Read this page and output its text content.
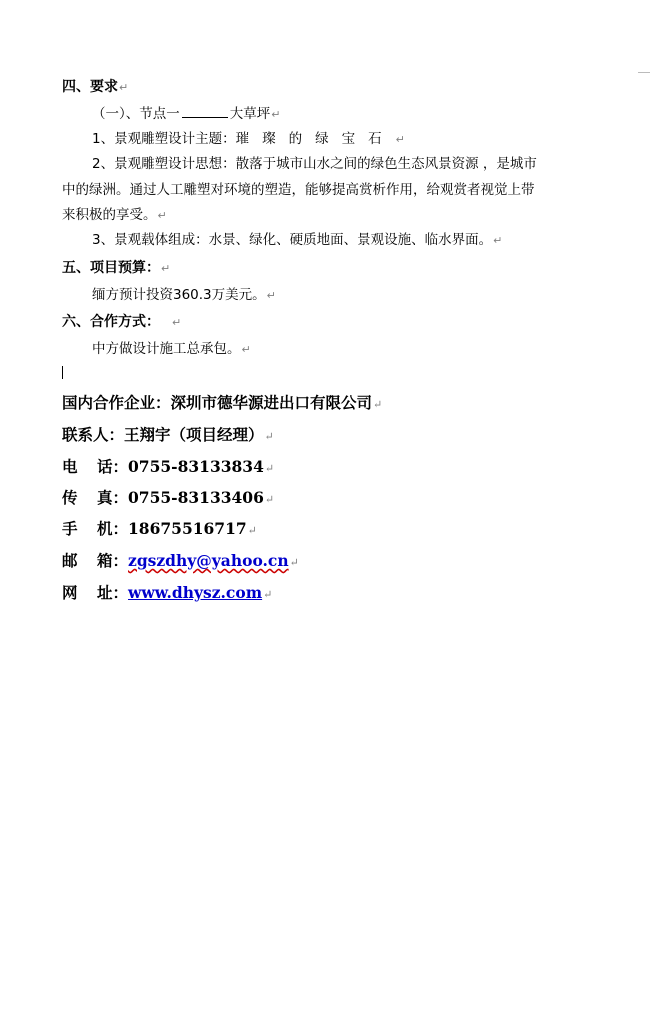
四、要求↵
（一）、节点一	大草坪↵
1、景观雕塑设计主题：璀璨的绿宝石↵
2、景观雕塑设计思想：散落于城市山水之间的绿色生态风景资源 ，是城市
中的绿洲。通过人工雕塑对环境的塑造，能够提高赏析作用，给观赏者视觉上带
来积极的享受。↵
3、景观载体组成：水景、绿化、硬质地面、景观设施、临水界面。↵
五、项目预算：↵
缅方预计投资360.3万美元。↵
六、合作方式： ↵
中方做设计施工总承包。↵
国内合作企业：深圳市德华源进出口有限公司↵
联系人：王翔宇（项目经理）↵
电 话：0755-83133834↵
传 真：0755-83133406↵
手 机：18675516717↵
邮 箱：zgszdhy@yahoo.cn↵
网 址：www.dhysz.com↵
